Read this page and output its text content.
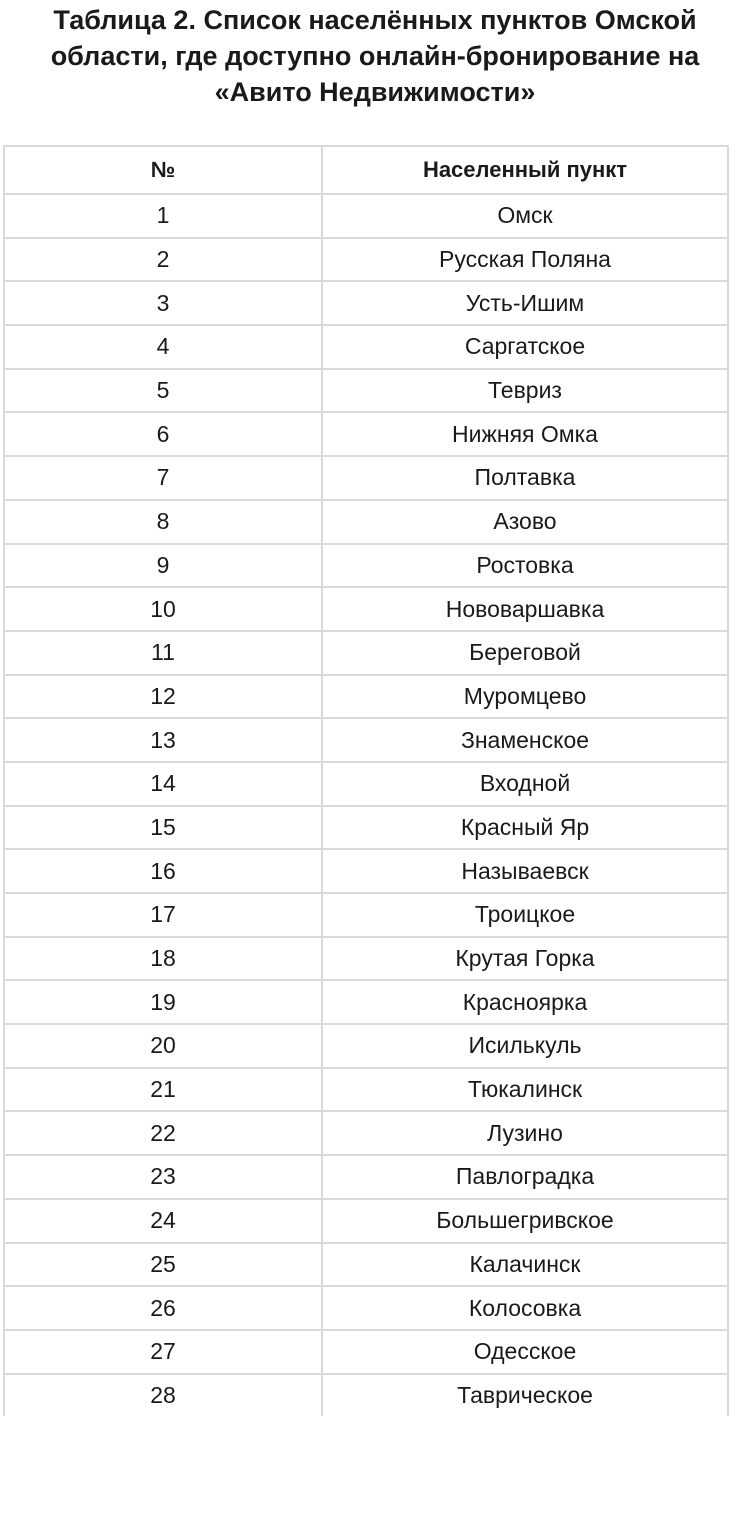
Таблица 2. Список населённых пунктов Омской
области, где доступно онлайн-бронирование на
«Авито Недвижимости»
№	Населенный пункт
1	Омск
2	Русская Поляна
3	Усть-Ишим
4	Саргатское
5	Тевриз
6	Нижняя Омка
7	Полтавка
8	Азово
9	Ростовка
10	Нововаршавка
11	Береговой
12	Муромцево
13	Знаменское
14	Входной
15	Красный Яр
16	Называевск
17	Троицкое
18	Крутая Горка
19	Красноярка
20	Исилькуль
21	Тюкалинск
22	Лузино
23	Павлоградка
24	Большегривское
25	Калачинск
26	Колосовка
27	Одесское
28	Таврическое
